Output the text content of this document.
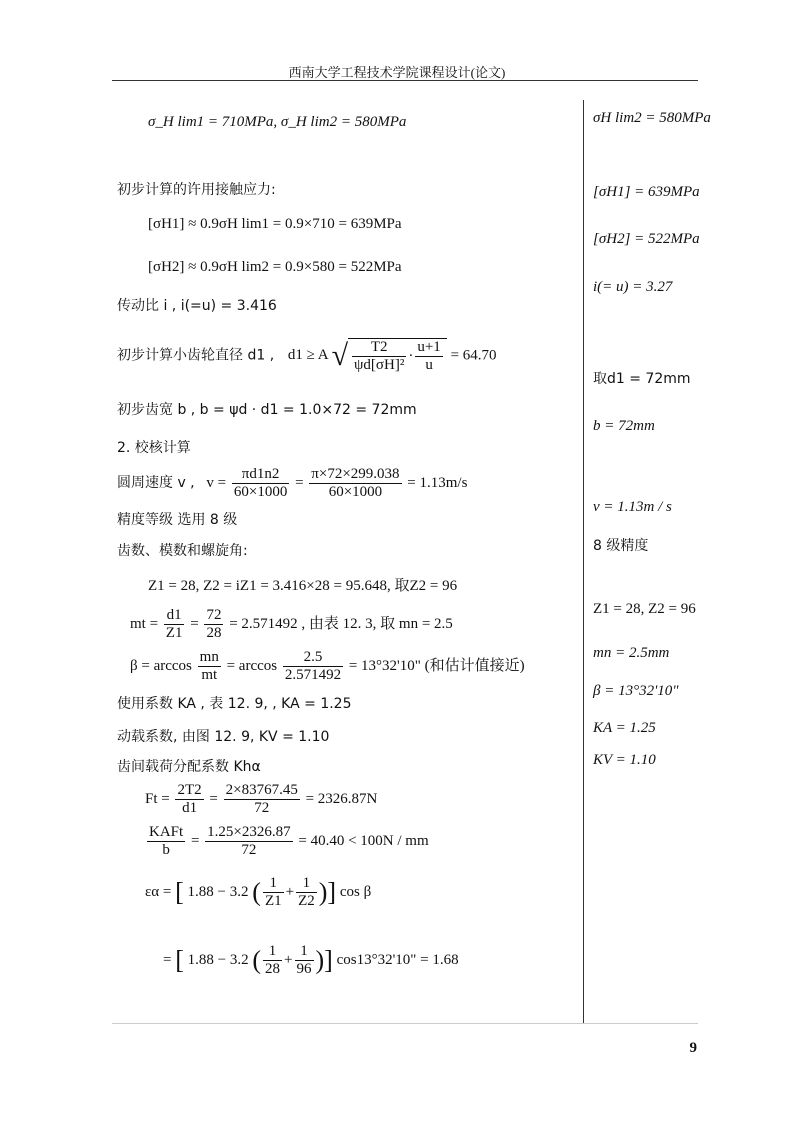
西南大学工程技术学院课程设计(论文)
9
σ_H lim1 = 710MPa, σ_H lim2 = 580MPa
初步计算的许用接触应力:
[σH1] ≈ 0.9σH lim1 = 0.9×710 = 639MPa
[σH2] ≈ 0.9σH lim2 = 0.9×580 = 522MPa
传动比 i , i(=u) = 3.416
初步计算小齿轮直径 d1 , d1 ≥ A √ $\frac{T2}{\text{ψd[σH]²}} \cdot \frac{u+1}{u} = 64.70$
初步齿宽 b , b = ψd · d1 = 1.0×72 = 72mm
2. 校核计算
圆周速度 v , $v = \frac{\pi d1n2}{60\times 1000} = \frac{\pi\times 72\times 299.038}{60\times 1000} = 1.13m/s$
精度等级 选用 8 级
齿数、模数和螺旋角:
Z1 = 28, Z2 = iZ1 = 3.416×28 = 95.648, 取Z2 = 96
mt = $\frac{d1}{Z1} = \frac{72}{28} = 2.571492$ , 由表 12. 3, 取 mn = 2.5
$\beta = \arccos \frac{mn}{mt} = \arccos \frac{2.5}{2.571492} = 13^\circ 32'10$" (和估计值接近)
使用系数 KA , 表 12. 9, , KA = 1.25
动载系数, 由图 12. 9, KV = 1.10
齿间载荷分配系数 Khα
$Ft = \frac{2T2}{d1} = \frac{2\times 83767.45}{72} = 2326.87N$
$\frac{\text{KAFt}}{b} = \frac{1.25\times 2326.87}{72} = 40.40 < 100N$ / mm
εα = [ 1.88 − 3.2 ( $\frac{1}{Z1} + \frac{1}{Z2}$ )] cos β
= [ 1.88 − 3.2 ( $\frac{1}{28} + \frac{1}{96}$ )] cos13°32'10" = 1.68
σH lim2 = 580MPa
[σH1] = 639MPa
[σH2] = 522MPa
i(= u) = 3.27
取d1 = 72mm
b = 72mm
v = 1.13m / s
8 级精度
Z1 = 28, Z2 = 96
mn = 2.5mm
β = 13°32'10"
KA = 1.25
KV = 1.10
